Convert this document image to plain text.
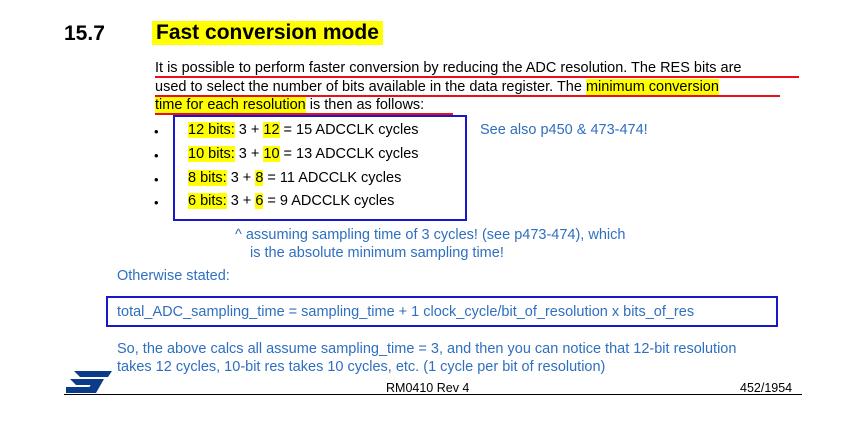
15.7 Fast conversion mode
It is possible to perform faster conversion by reducing the ADC resolution. The RES bits are
used to select the number of bits available in the data register. The minimum conversion
time for each resolution is then as follows:
• 12 bits: 3 + 12 = 15 ADCCLK cycles
• 10 bits: 3 + 10 = 13 ADCCLK cycles
• 8 bits: 3 + 8 = 11 ADCCLK cycles
• 6 bits: 3 + 6 = 9 ADCCLK cycles
See also p450 & 473-474!
^ assuming sampling time of 3 cycles! (see p473-474), which
is the absolute minimum sampling time!
Otherwise stated:
total_ADC_sampling_time = sampling_time + 1 clock_cycle/bit_of_resolution x bits_of_res
So, the above calcs all assume sampling_time = 3, and then you can notice that 12-bit resolution
takes 12 cycles, 10-bit res takes 10 cycles, etc. (1 cycle per bit of resolution)
RM0410 Rev 4	452/1954
